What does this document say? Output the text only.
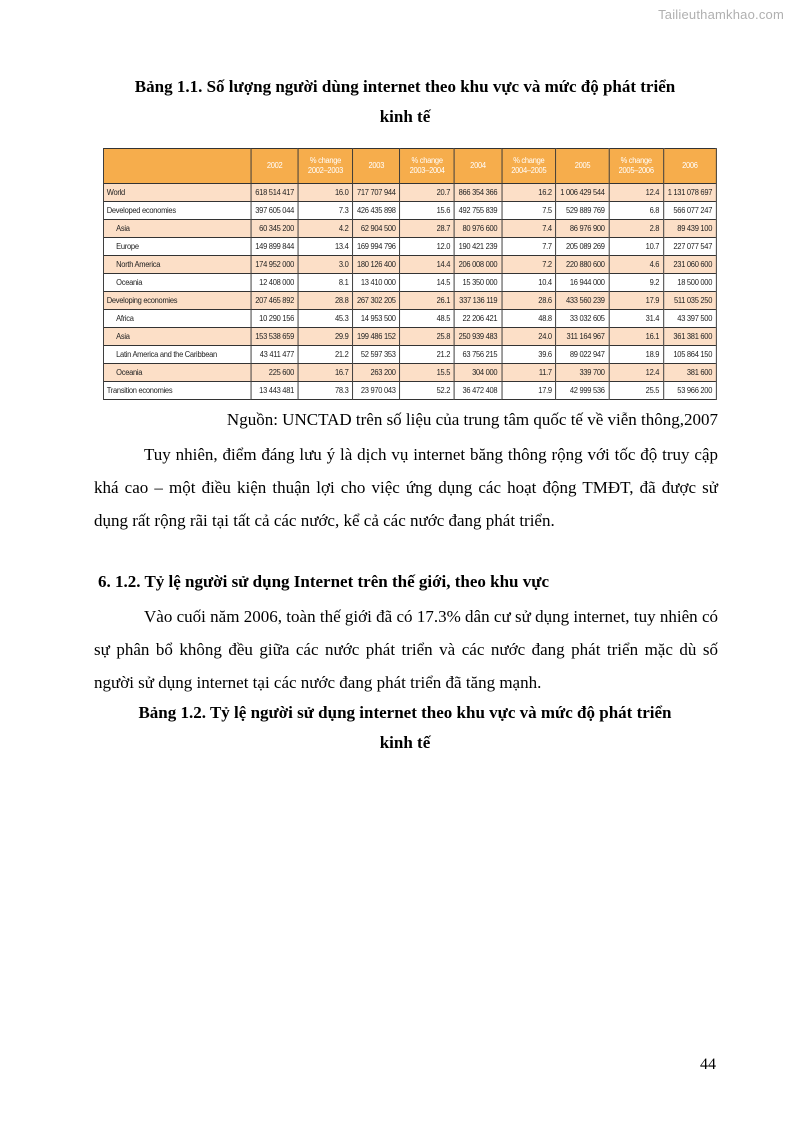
Tailieuthamkhao.com
Bảng 1.1. Số lượng người dùng internet theo khu vực và mức độ phát triển
kinh tế
	2002	% change 2002–2003	2003	% change 2003–2004	2004	% change 2004–2005	2005	% change 2005–2006	2006
World	618 514 417	16.0	717 707 944	20.7	866 354 366	16.2	1 006 429 544	12.4	1 131 078 697
Developed economies	397 605 044	7.3	426 435 898	15.6	492 755 839	7.5	529 889 769	6.8	566 077 247
Asia	60 345 200	4.2	62 904 500	28.7	80 976 600	7.4	86 976 900	2.8	89 439 100
Europe	149 899 844	13.4	169 994 796	12.0	190 421 239	7.7	205 089 269	10.7	227 077 547
North America	174 952 000	3.0	180 126 400	14.4	206 008 000	7.2	220 880 600	4.6	231 060 600
Oceania	12 408 000	8.1	13 410 000	14.5	15 350 000	10.4	16 944 000	9.2	18 500 000
Developing economies	207 465 892	28.8	267 302 205	26.1	337 136 119	28.6	433 560 239	17.9	511 035 250
Africa	10 290 156	45.3	14 953 500	48.5	22 206 421	48.8	33 032 605	31.4	43 397 500
Asia	153 538 659	29.9	199 486 152	25.8	250 939 483	24.0	311 164 967	16.1	361 381 600
Latin America and the Caribbean	43 411 477	21.2	52 597 353	21.2	63 756 215	39.6	89 022 947	18.9	105 864 150
Oceania	225 600	16.7	263 200	15.5	304 000	11.7	339 700	12.4	381 600
Transition economies	13 443 481	78.3	23 970 043	52.2	36 472 408	17.9	42 999 536	25.5	53 966 200
Nguồn: UNCTAD trên số liệu của trung tâm quốc tế về viễn thông,2007
Tuy nhiên, điểm đáng lưu ý là dịch vụ internet băng thông rộng với tốc độ truy cập khá cao – một điều kiện thuận lợi cho việc ứng dụng các hoạt động TMĐT, đã được sử dụng rất rộng rãi tại tất cả các nước, kể cả các nước đang phát triển.
6. 1.2. Tỷ lệ người sử dụng Internet trên thế giới, theo khu vực
Vào cuối năm 2006, toàn thế giới đã có 17.3% dân cư sử dụng internet, tuy nhiên có sự phân bổ không đều giữa các nước phát triển và các nước đang phát triển mặc dù số người sử dụng internet tại các nước đang phát triển đã tăng mạnh.
Bảng 1.2. Tỷ lệ người sử dụng internet theo khu vực và mức độ phát triển
kinh tế
44
